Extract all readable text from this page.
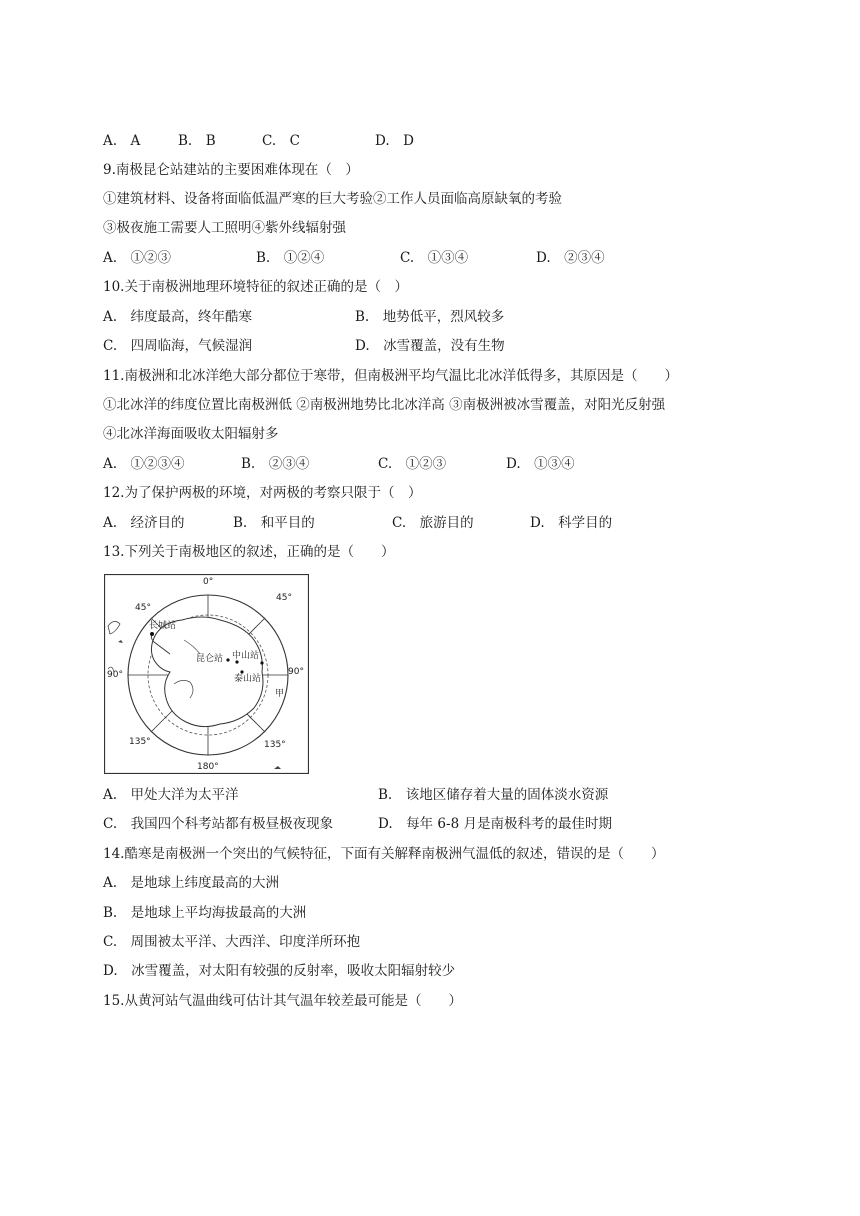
A.　A	B.　B	C.　C	D.　D
9.南极昆仑站建站的主要困难体现在（　）
①建筑材料、设备将面临低温严寒的巨大考验②工作人员面临高原缺氧的考验
③极夜施工需要人工照明④紫外线辐射强
A.　①②③	B.　①②④	C.　①③④	D.　②③④
10.关于南极洲地理环境特征的叙述正确的是（　）
A.　纬度最高，终年酷寒	B.　地势低平，烈风较多
C.　四周临海，气候湿润	D.　冰雪覆盖，没有生物
11.南极洲和北冰洋绝大部分都位于寒带，但南极洲平均气温比北冰洋低得多，其原因是（　　）
①北冰洋的纬度位置比南极洲低 ②南极洲地势比北冰洋高 ③南极洲被冰雪覆盖，对阳光反射强
④北冰洋海面吸收太阳辐射多
A.　①②③④	B.　②③④	C.　①②③	D.　①③④
12.为了保护两极的环境，对两极的考察只限于（　）
A.　经济目的	B.　和平目的	C.　旅游目的	D.　科学目的
13.下列关于南极地区的叙述，正确的是（　　）
0°
45°
45°
90°	90°
135°	135°
180°
长城站
昆仑站 中山站
泰山站
甲
A.　甲处大洋为太平洋	B.　该地区储存着大量的固体淡水资源
C.　我国四个科考站都有极昼极夜现象	D.　每年 6-8 月是南极科考的最佳时期
14.酷寒是南极洲一个突出的气候特征，下面有关解释南极洲气温低的叙述，错误的是（　　）
A.　是地球上纬度最高的大洲
B.　是地球上平均海拔最高的大洲
C.　周围被太平洋、大西洋、印度洋所环抱
D.　冰雪覆盖，对太阳有较强的反射率，吸收太阳辐射较少
15.从黄河站气温曲线可估计其气温年较差最可能是（　　）
